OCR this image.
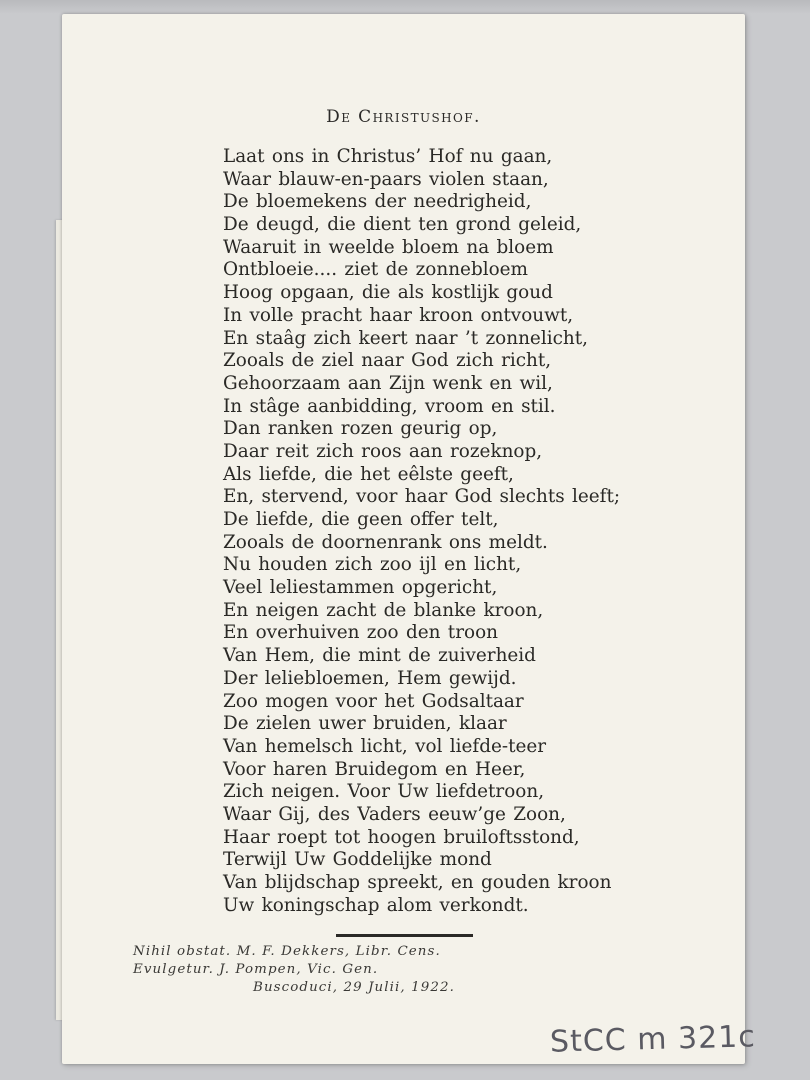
De Christushof.
Laat ons in Christus’ Hof nu gaan,
Waar blauw-en-paars violen staan,
De bloemekens der needrigheid,
De deugd, die dient ten grond geleid,
Waaruit in weelde bloem na bloem
Ontbloeie.... ziet de zonnebloem
Hoog opgaan, die als kostlijk goud
In volle pracht haar kroon ontvouwt,
En staâg zich keert naar ’t zonnelicht,
Zooals de ziel naar God zich richt,
Gehoorzaam aan Zijn wenk en wil,
In stâge aanbidding, vroom en stil.
Dan ranken rozen geurig op,
Daar reit zich roos aan rozeknop,
Als liefde, die het eêlste geeft,
En, stervend, voor haar God slechts leeft;
De liefde, die geen offer telt,
Zooals de doornenrank ons meldt.
Nu houden zich zoo ijl en licht,
Veel leliestammen opgericht,
En neigen zacht de blanke kroon,
En overhuiven zoo den troon
Van Hem, die mint de zuiverheid
Der leliebloemen, Hem gewijd.
Zoo mogen voor het Godsaltaar
De zielen uwer bruiden, klaar
Van hemelsch licht, vol liefde-teer
Voor haren Bruidegom en Heer,
Zich neigen. Voor Uw liefdetroon,
Waar Gij, des Vaders eeuw’ge Zoon,
Haar roept tot hoogen bruiloftsstond,
Terwijl Uw Goddelijke mond
Van blijdschap spreekt, en gouden kroon
Uw koningschap alom verkondt.
Nihil obstat. M. F. Dekkers, Libr. Cens.
Evulgetur. J. Pompen, Vic. Gen.
Buscoduci, 29 Julii, 1922.
StCC m 321c
